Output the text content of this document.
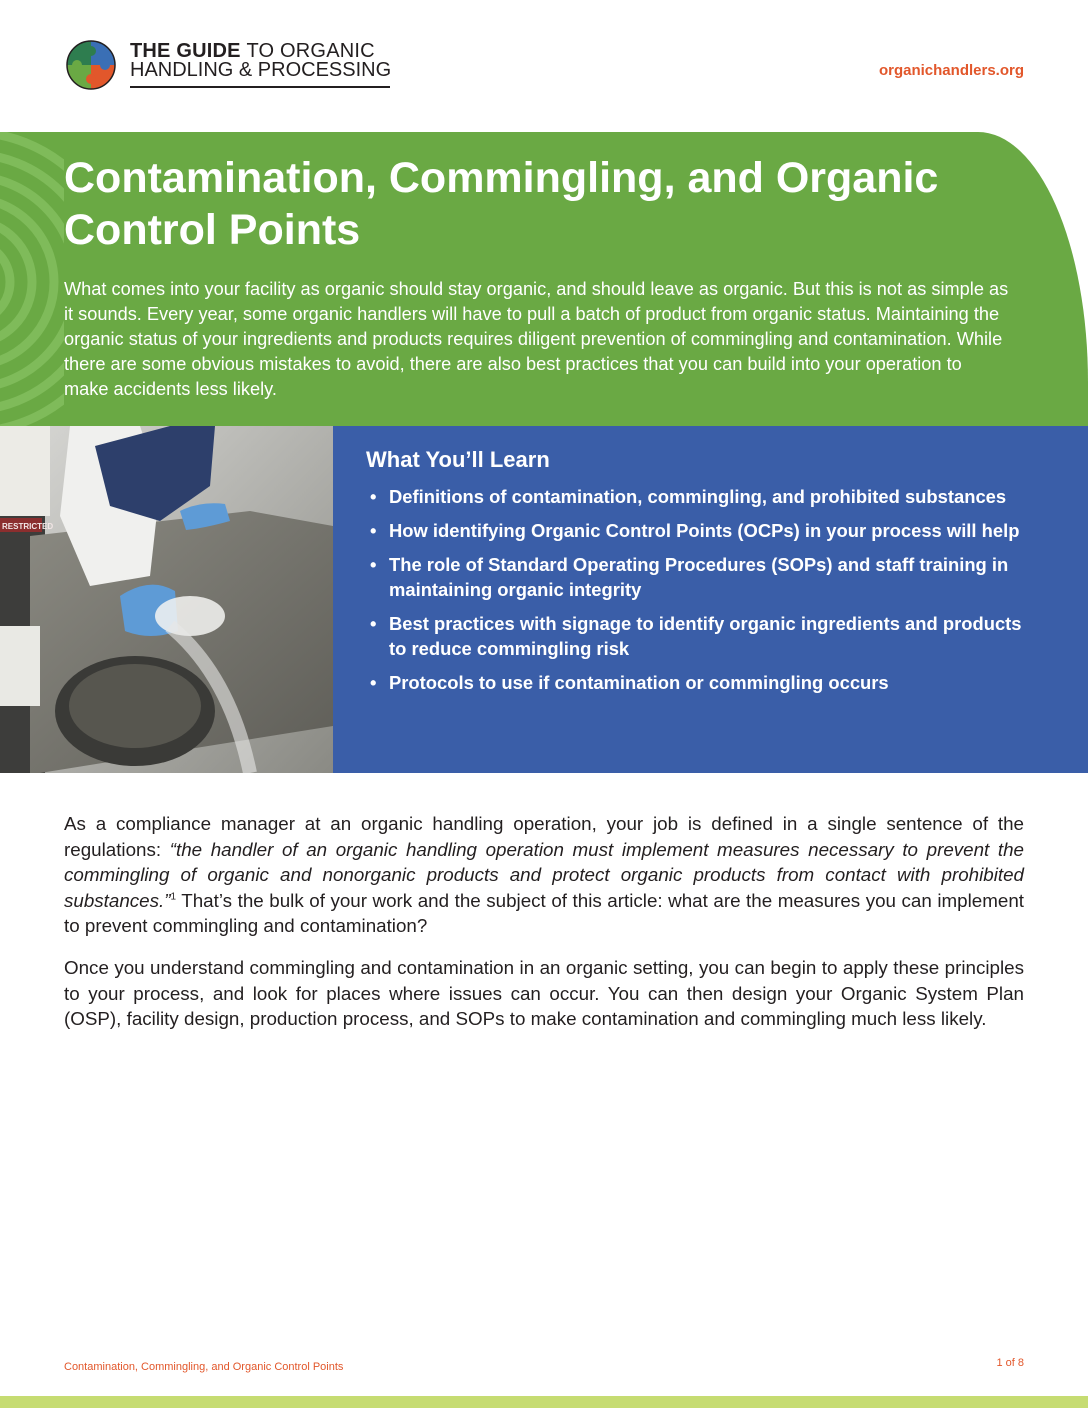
THE GUIDE TO ORGANIC
HANDLING & PROCESSING	organichandlers.org
Contamination, Commingling, and Organic Control Points

What comes into your facility as organic should stay organic, and should leave as organic. But this is not as simple as it sounds. Every year, some organic handlers will have to pull a batch of product from organic status. Maintaining the organic status of your ingredients and products requires diligent prevention of commingling and contamination. While there are some obvious mistakes to avoid, there are also best practices that you can build into your operation to make accidents less likely.

RESTRICTED
What You’ll Learn
• Definitions of contamination, commingling, and prohibited substances
• How identifying Organic Control Points (OCPs) in your process will help
• The role of Standard Operating Procedures (SOPs) and staff training in maintaining organic integrity
• Best practices with signage to identify organic ingredients and products to reduce commingling risk
• Protocols to use if contamination or commingling occurs

As a compliance manager at an organic handling operation, your job is defined in a single sentence of the regulations: “the handler of an organic handling operation must implement measures necessary to prevent the commingling of organic and nonorganic products and protect organic products from contact with prohibited substances.”$^1$ That’s the bulk of your work and the subject of this article: what are the measures you can implement to prevent commingling and contamination?

Once you understand commingling and contamination in an organic setting, you can begin to apply these principles to your process, and look for places where issues can occur. You can then design your Organic System Plan (OSP), facility design, production process, and SOPs to make contamination and commingling much less likely.

Contamination, Commingling, and Organic Control Points	1 of 8
